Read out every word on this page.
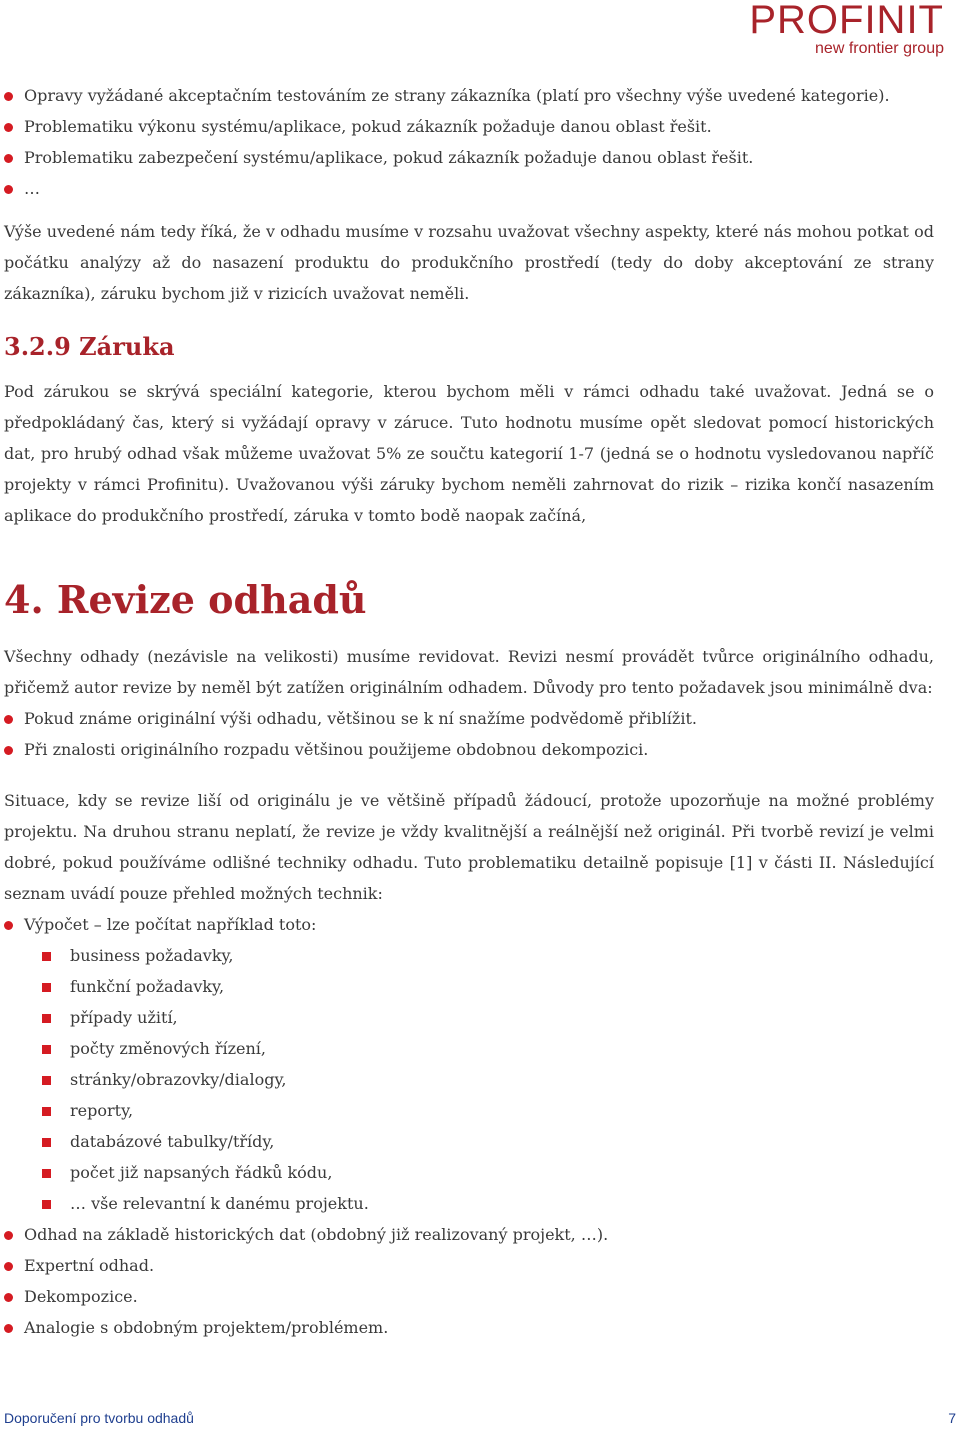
PROFINIT
new frontier group
Opravy vyžádané akceptačním testováním ze strany zákazníka (platí pro všechny výše uvedené kategorie).
Problematiku výkonu systému/aplikace, pokud zákazník požaduje danou oblast řešit.
Problematiku zabezpečení systému/aplikace, pokud zákazník požaduje danou oblast řešit.
…

Výše uvedené nám tedy říká, že v odhadu musíme v rozsahu uvažovat všechny aspekty, které nás mohou potkat od počátku analýzy až do nasazení produktu do produkčního prostředí (tedy do doby akceptování ze strany zákazníka), záruku bychom již v rizicích uvažovat neměli.

3.2.9 Záruka

Pod zárukou se skrývá speciální kategorie, kterou bychom měli v rámci odhadu také uvažovat. Jedná se o předpokládaný čas, který si vyžádají opravy v záruce. Tuto hodnotu musíme opět sledovat pomocí historických dat, pro hrubý odhad však můžeme uvažovat 5% ze součtu kategorií 1-7 (jedná se o hodnotu vysledovanou napříč projekty v rámci Profinitu). Uvažovanou výši záruky bychom neměli zahrnovat do rizik – rizika končí nasazením aplikace do produkčního prostředí, záruka v tomto bodě naopak začíná,

4. Revize odhadů

Všechny odhady (nezávisle na velikosti) musíme revidovat. Revizi nesmí provádět tvůrce originálního odhadu, přičemž autor revize by neměl být zatížen originálním odhadem. Důvody pro tento požadavek jsou minimálně dva:

Pokud známe originální výši odhadu, většinou se k ní snažíme podvědomě přiblížit.
Při znalosti originálního rozpadu většinou použijeme obdobnou dekompozici.

Situace, kdy se revize liší od originálu je ve většině případů žádoucí, protože upozorňuje na možné problémy projektu. Na druhou stranu neplatí, že revize je vždy kvalitnější a reálnější než originál. Při tvorbě revizí je velmi dobré, pokud používáme odlišné techniky odhadu. Tuto problematiku detailně popisuje [1] v části II. Následující seznam uvádí pouze přehled možných technik:

Výpočet – lze počítat například toto:
business požadavky,
funkční požadavky,
případy užití,
počty změnových řízení,
stránky/obrazovky/dialogy,
reporty,
databázové tabulky/třídy,
počet již napsaných řádků kódu,
… vše relevantní k danému projektu.
Odhad na základě historických dat (obdobný již realizovaný projekt, …).
Expertní odhad.
Dekompozice.
Analogie s obdobným projektem/problémem.
Doporučení pro tvorbu odhadů	7
